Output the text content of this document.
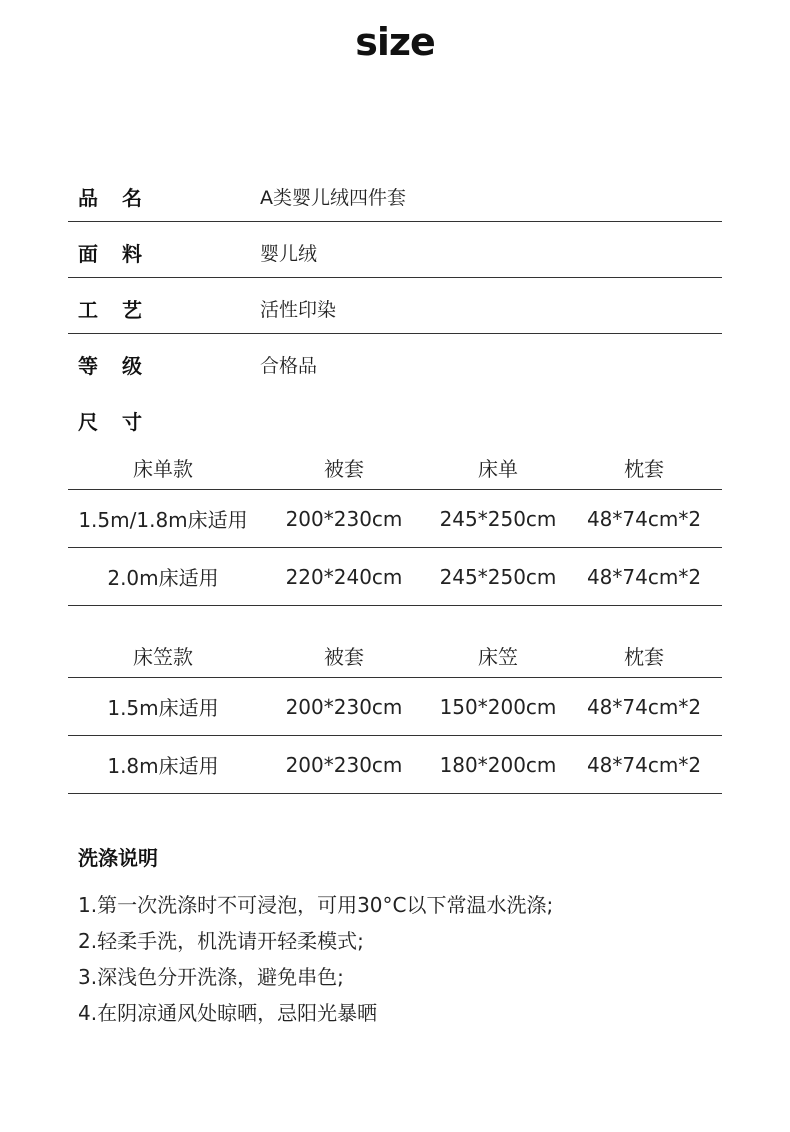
size
品名	A类婴儿绒四件套
面料	婴儿绒
工艺	活性印染
等级	合格品
尺寸
床单款	被套	床单	枕套
1.5m/1.8m床适用	200*230cm	245*250cm	48*74cm*2
2.0m床适用	220*240cm	245*250cm	48*74cm*2
床笠款	被套	床笠	枕套
1.5m床适用	200*230cm	150*200cm	48*74cm*2
1.8m床适用	200*230cm	180*200cm	48*74cm*2
洗涤说明
1.第一次洗涤时不可浸泡，可用30°C以下常温水洗涤;
2.轻柔手洗，机洗请开轻柔模式;
3.深浅色分开洗涤，避免串色;
4.在阴凉通风处晾晒，忌阳光暴晒
